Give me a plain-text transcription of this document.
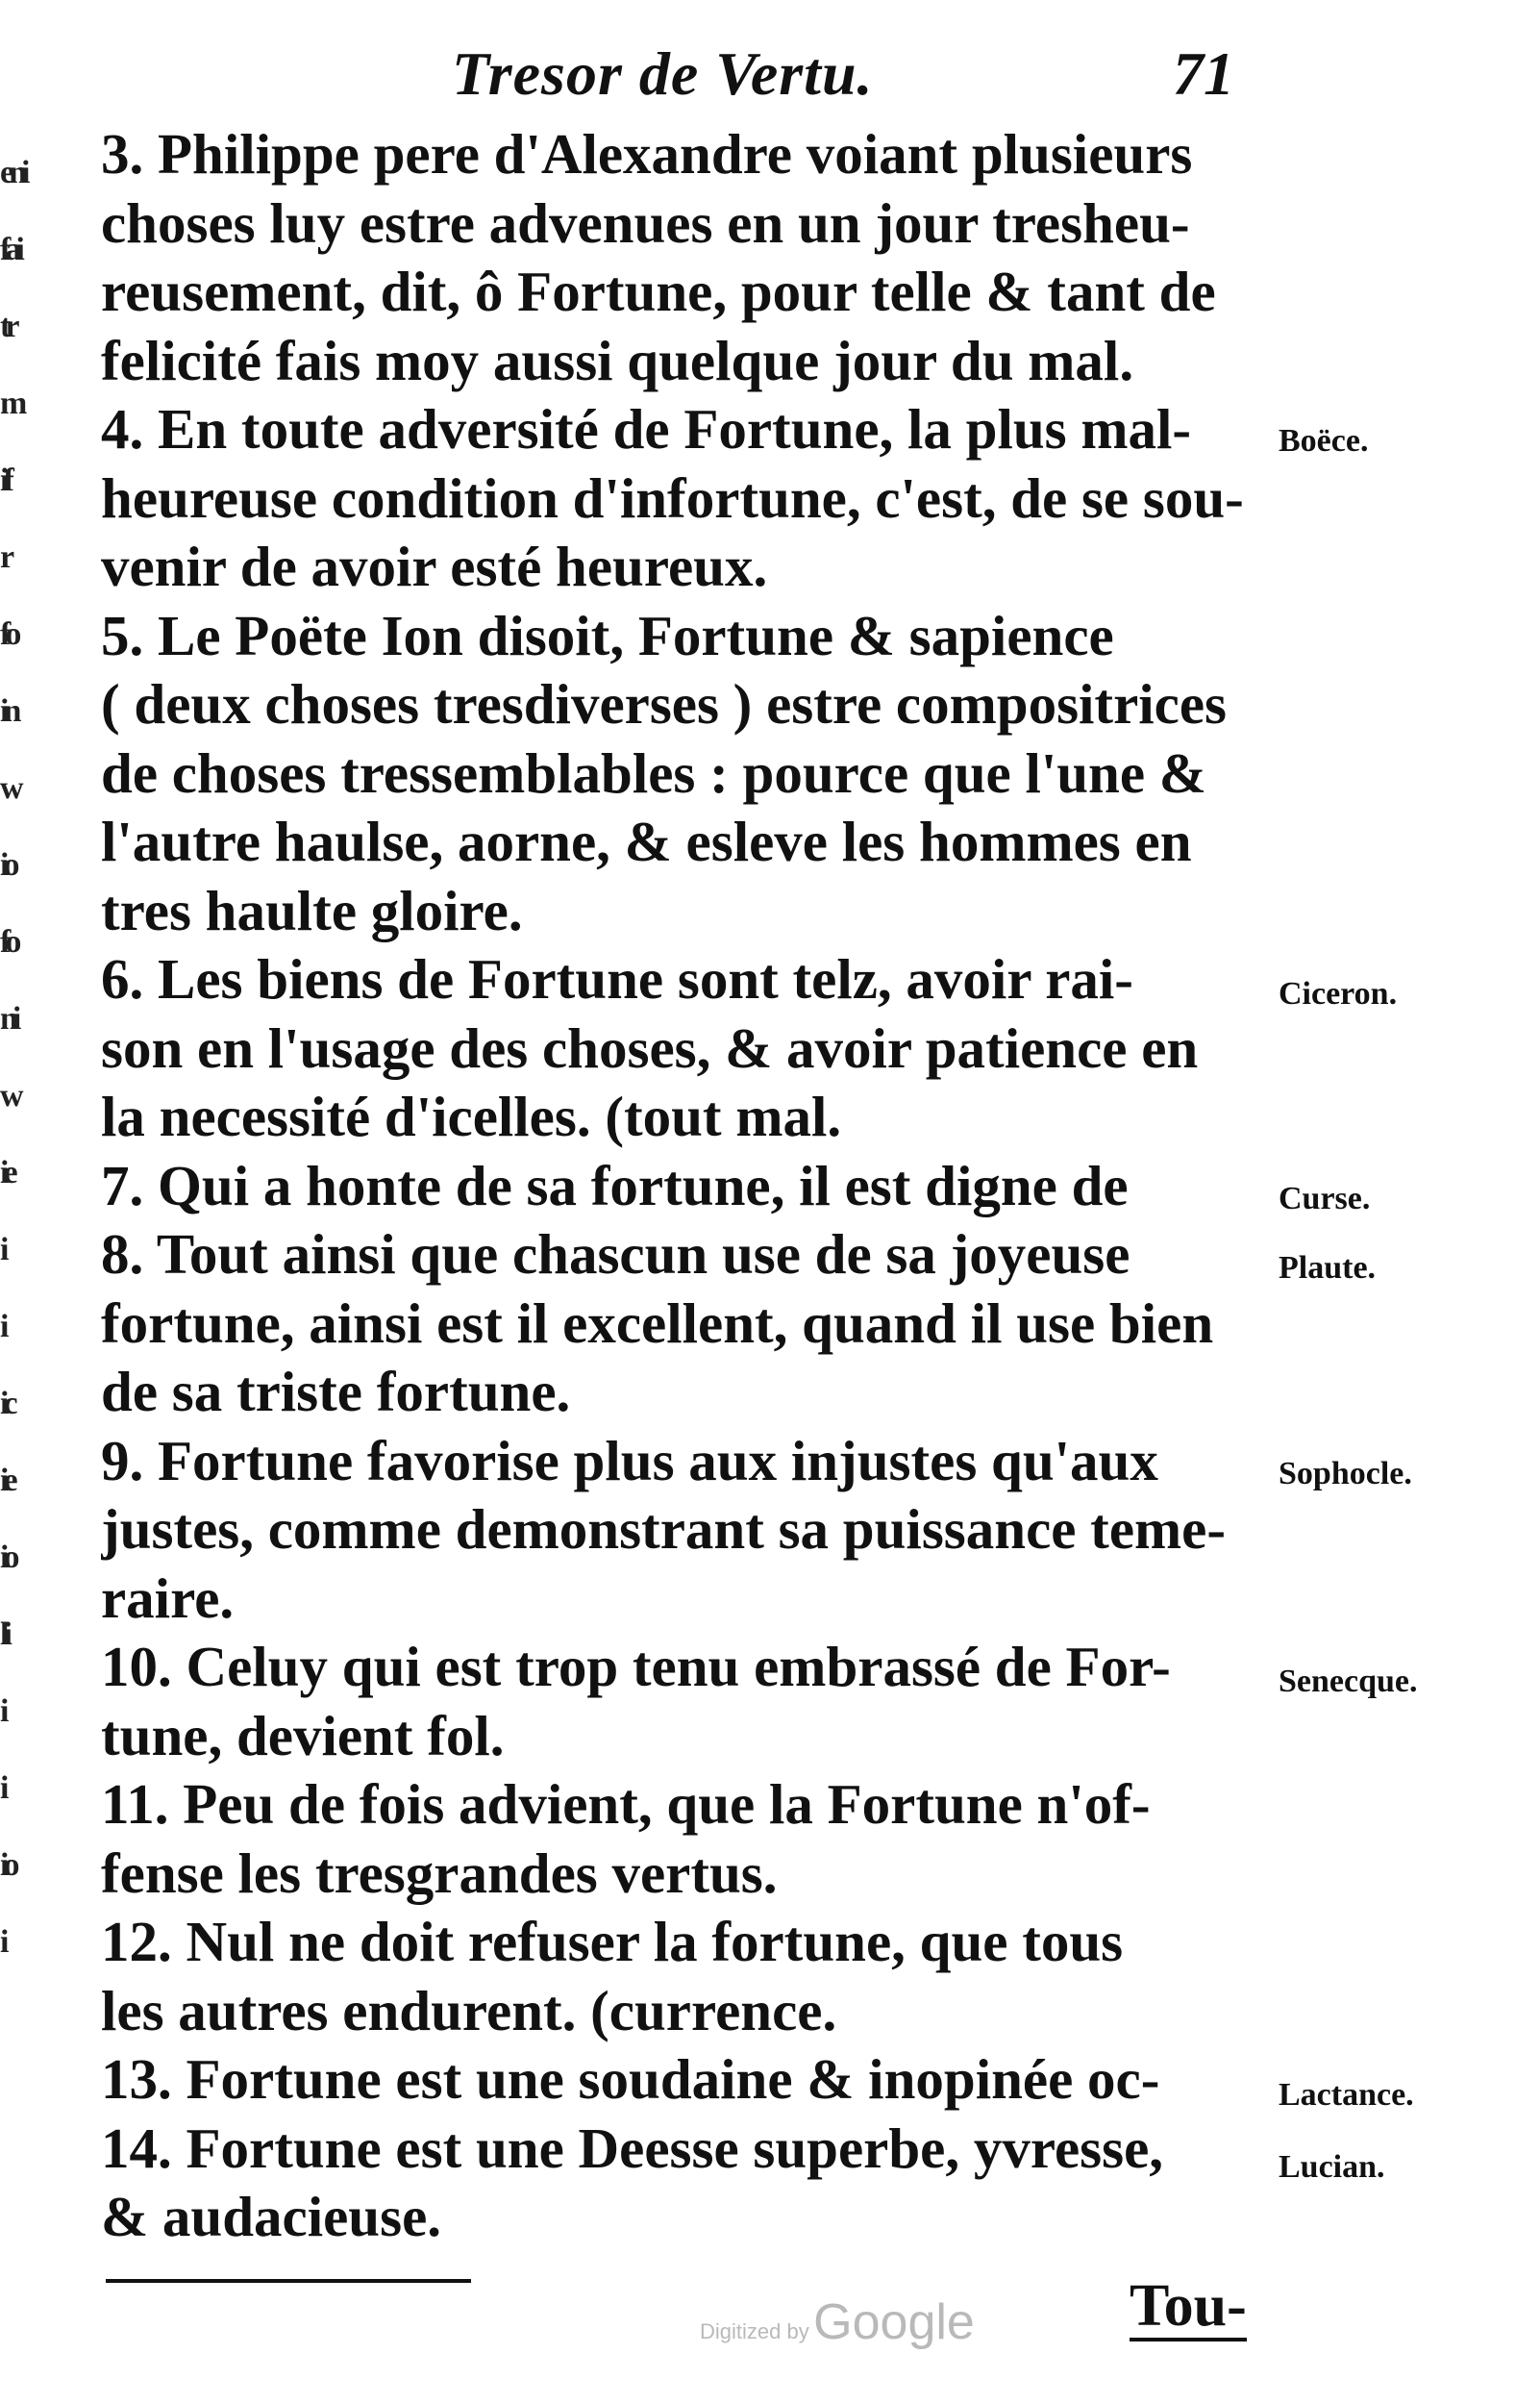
eni
fai
tr
m
if
r
fo
in
w
io
fo
ni
w
ie
i
i
ic
ie
io
li
i
i
io
i
Tresor de Vertu.	71
3. Philippe pere d'Alexandre voiant plusieurs
choses luy estre advenues en un jour tresheu-
reusement, dit, ô Fortune, pour telle & tant de
felicité fais moy aussi quelque jour du mal.
4. En toute adversité de Fortune, la plus mal-
heureuse condition d'infortune, c'est, de se sou-
venir de avoir esté heureux.
5. Le Poëte Ion disoit, Fortune & sapience
( deux choses tresdiverses ) estre compositrices
de choses tressemblables : pource que l'une &
l'autre haulse, aorne, & esleve les hommes en
tres haulte gloire.
6. Les biens de Fortune sont telz, avoir rai-
son en l'usage des choses, & avoir patience en
la necessité d'icelles. (tout mal.
7. Qui a honte de sa fortune, il est digne de
8. Tout ainsi que chascun use de sa joyeuse
fortune, ainsi est il excellent, quand il use bien
de sa triste fortune.
9. Fortune favorise plus aux injustes qu'aux
justes, comme demonstrant sa puissance teme-
raire.
10. Celuy qui est trop tenu embrassé de For-
tune, devient fol.
11. Peu de fois advient, que la Fortune n'of-
fense les tresgrandes vertus.
12. Nul ne doit refuser la fortune, que tous
les autres endurent. (currence.
13. Fortune est une soudaine & inopinée oc-
14. Fortune est une Deesse superbe, yvresse,
& audacieuse.
Boëce.
Ciceron.
Curse.
Plaute.
Sophocle.
Senecque.
Lactance.
Lucian.
Digitized by Google	Tou-
